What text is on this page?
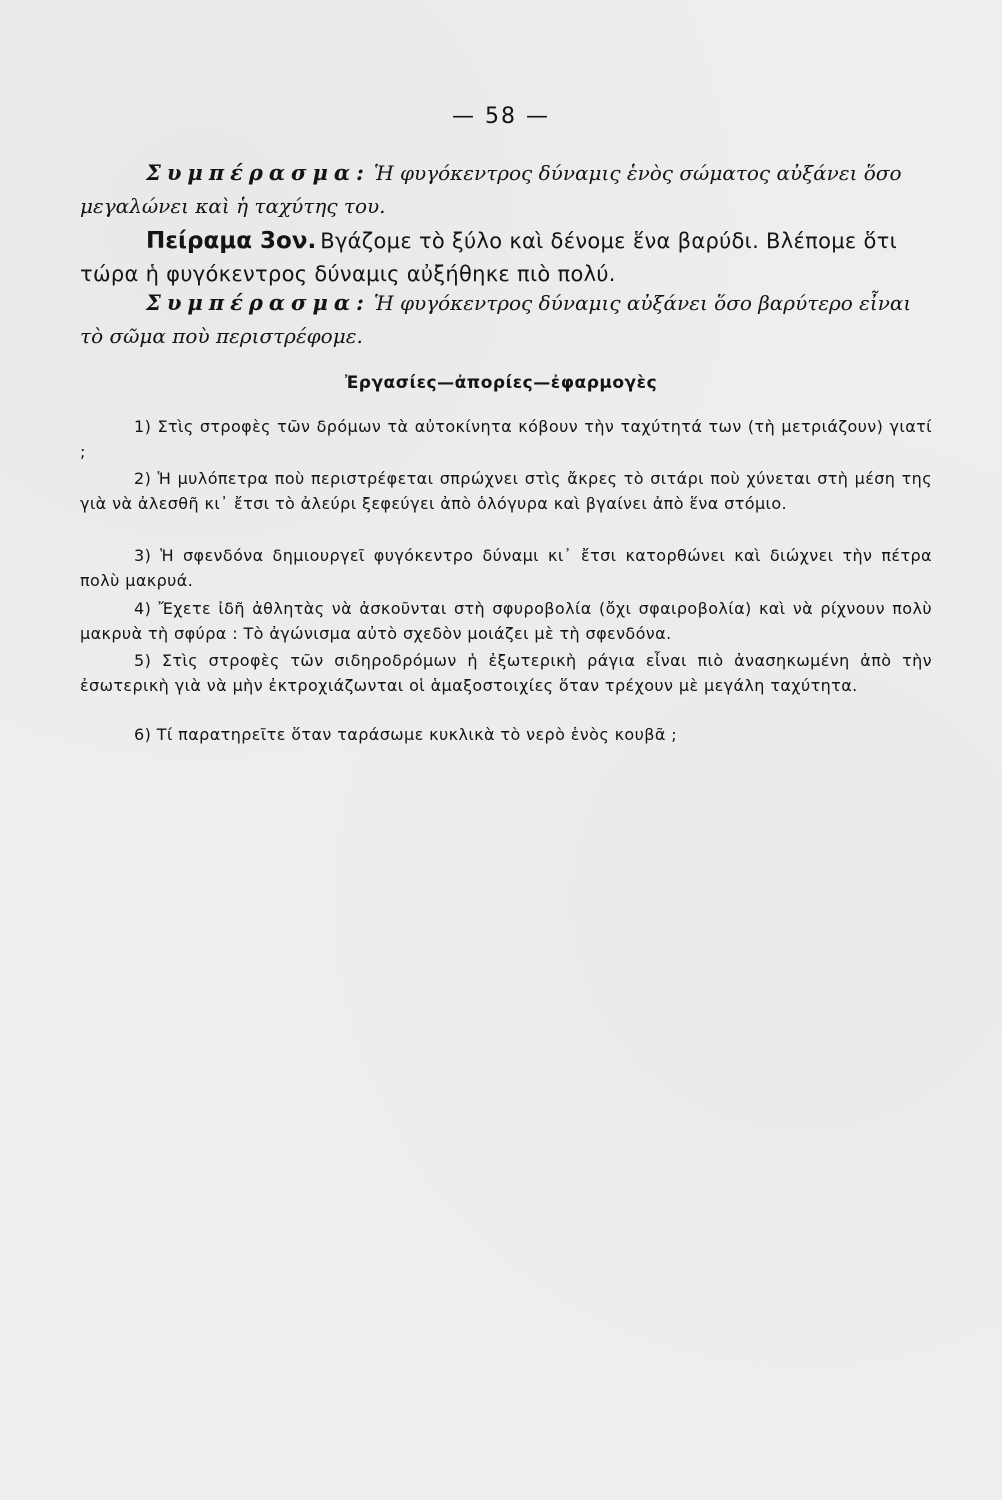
— 58 —
Συμπέρασμα: Ἡ φυγόκεντρος δύναμις ἑνὸς σώματος αὐξάνει ὅσο μεγαλώνει καὶ ἡ ταχύτης του.
Πείραμα 3ον. Βγάζομε τὸ ξύλο καὶ δένομε ἕνα βαρύδι. Βλέπομε ὅτι τώρα ἡ φυγόκεντρος δύναμις αὐξήθηκε πιὸ πολύ.
Συμπέρασμα: Ἡ φυγόκεντρος δύναμις αὐξάνει ὅσο βαρύτερο εἶναι τὸ σῶμα ποὺ περιστρέφομε.
Ἐργασίες—ἀπορίες—ἐφαρμογὲς
1) Στὶς στροφὲς τῶν δρόμων τὰ αὐτοκίνητα κόβουν τὴν ταχύτητά των (τὴ μετριάζουν) γιατί ;
2) Ἡ μυλόπετρα ποὺ περιστρέφεται σπρώχνει στὶς ἄκρες τὸ σιτάρι ποὺ χύνεται στὴ μέση της γιὰ νὰ ἀλεσθῆ κι᾿ ἔτσι τὸ ἀλεύρι ξεφεύγει ἀπὸ ὁλόγυρα καὶ βγαίνει ἀπὸ ἕνα στόμιο.
3) Ἡ σφενδόνα δημιουργεῖ φυγόκεντρο δύναμι κι᾿ ἔτσι κατορθώνει καὶ διώχνει τὴν πέτρα πολὺ μακρυά.
4) Ἔχετε ἰδῆ ἀθλητὰς νὰ ἀσκοῦνται στὴ σφυροβολία (ὄχι σφαιροβολία) καὶ νὰ ρίχνουν πολὺ μακρυὰ τὴ σφύρα : Τὸ ἀγώνισμα αὐτὸ σχεδὸν μοιάζει μὲ τὴ σφενδόνα.
5) Στὶς στροφὲς τῶν σιδηροδρόμων ἡ ἐξωτερικὴ ράγια εἶναι πιὸ ἀνασηκωμένη ἀπὸ τὴν ἐσωτερικὴ γιὰ νὰ μὴν ἐκτροχιάζωνται οἱ ἁμαξοστοιχίες ὅταν τρέχουν μὲ μεγάλη ταχύτητα.
6) Τί παρατηρεῖτε ὅταν ταράσωμε κυκλικὰ τὸ νερὸ ἑνὸς κουβᾶ ;
